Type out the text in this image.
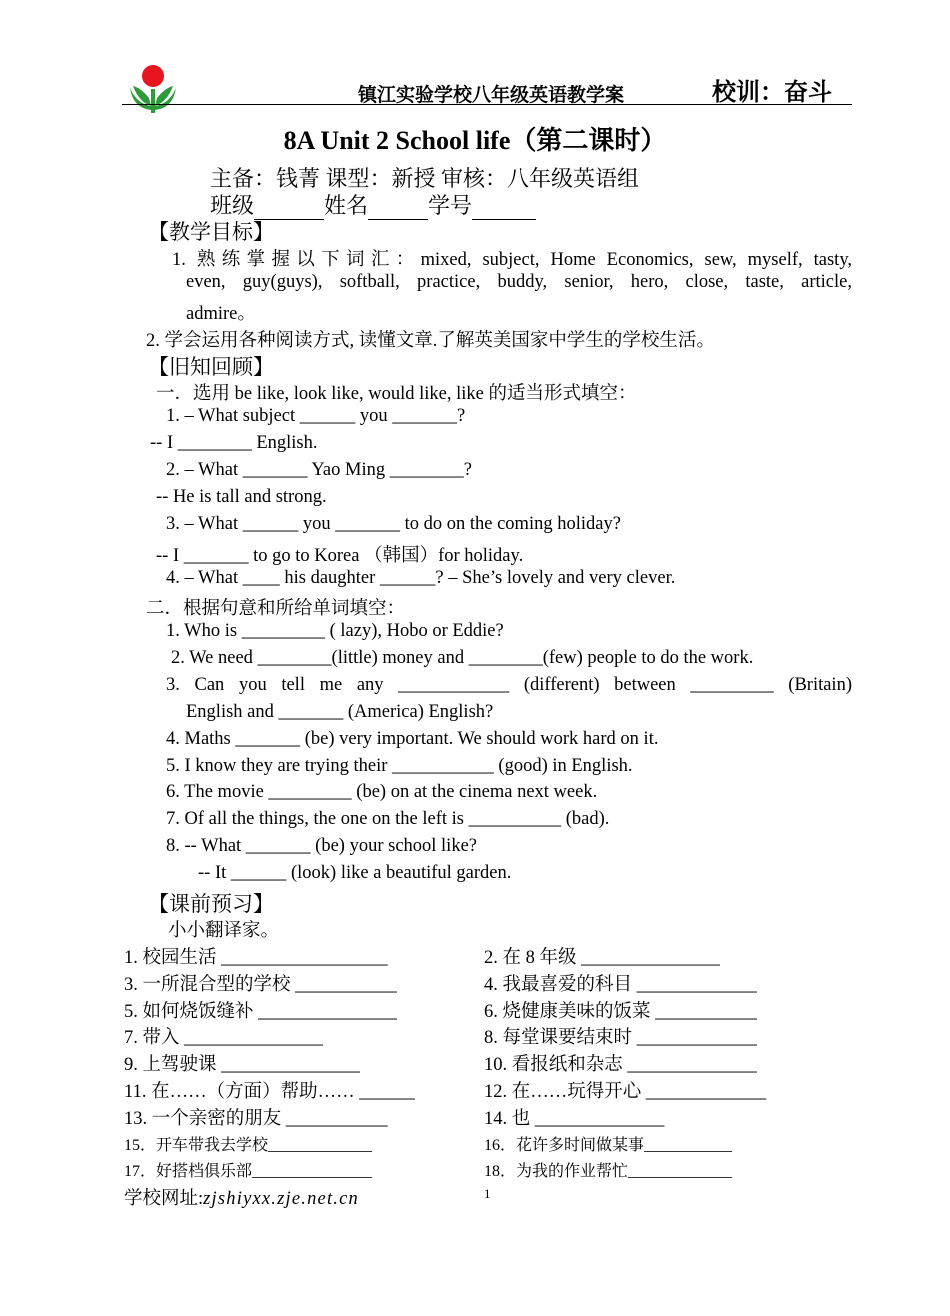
镇江实验学校八年级英语教学案	校训：奋斗
8A Unit 2 School life（第二课时）
主备：钱菁 课型：新授 审核：八年级英语组
班级	姓名	学号
【教学目标】
1. 熟练掌握以下词汇：mixed, subject, Home Economics, sew, myself, tasty,
even, guy(guys), softball, practice, buddy, senior, hero, close, taste, article,
admire。
2. 学会运用各种阅读方式, 读懂文章.了解英美国家中学生的学校生活。
【旧知回顾】
一．选用 be like, look like, would like, like 的适当形式填空：
1. – What subject ______ you _______?
-- I ________ English.
2. – What _______ Yao Ming ________?
-- He is tall and strong.
3. – What ______ you _______ to do on the coming holiday?
-- I _______ to go to Korea （韩国）for holiday.
4. – What ____ his daughter ______? – She’s lovely and very clever.
二．根据句意和所给单词填空：
1. Who is _________ ( lazy), Hobo or Eddie?
2. We need ________(little) money and ________(few) people to do the work.
3. Can you tell me any ____________ (different) between _________ (Britain)
English and _______ (America) English?
4. Maths _______ (be) very important. We should work hard on it.
5. I know they are trying their ___________ (good) in English.
6. The movie _________ (be) on at the cinema next week.
7. Of all the things, the one on the left is __________ (bad).
8. -- What _______ (be) your school like?
-- It ______ (look) like a beautiful garden.
【课前预习】
小小翻译家。
1. 校园生活 __________________	2. 在 8 年级 _______________
3. 一所混合型的学校 ___________	4. 我最喜爱的科目 _____________
5. 如何烧饭缝补 _______________	6. 烧健康美味的饭菜 ___________
7. 带入 _______________	8. 每堂课要结束时 _____________
9. 上驾驶课 _______________	10. 看报纸和杂志 ______________
11. 在……（方面）帮助…… ______	12. 在……玩得开心 _____________
13. 一个亲密的朋友 ___________	14. 也 ______________
15．开车带我去学校_____________	16．花许多时间做某事___________
17．好搭档俱乐部_______________	18．为我的作业帮忙_____________
学校网址:zjshiyxx.zje.net.cn	1
